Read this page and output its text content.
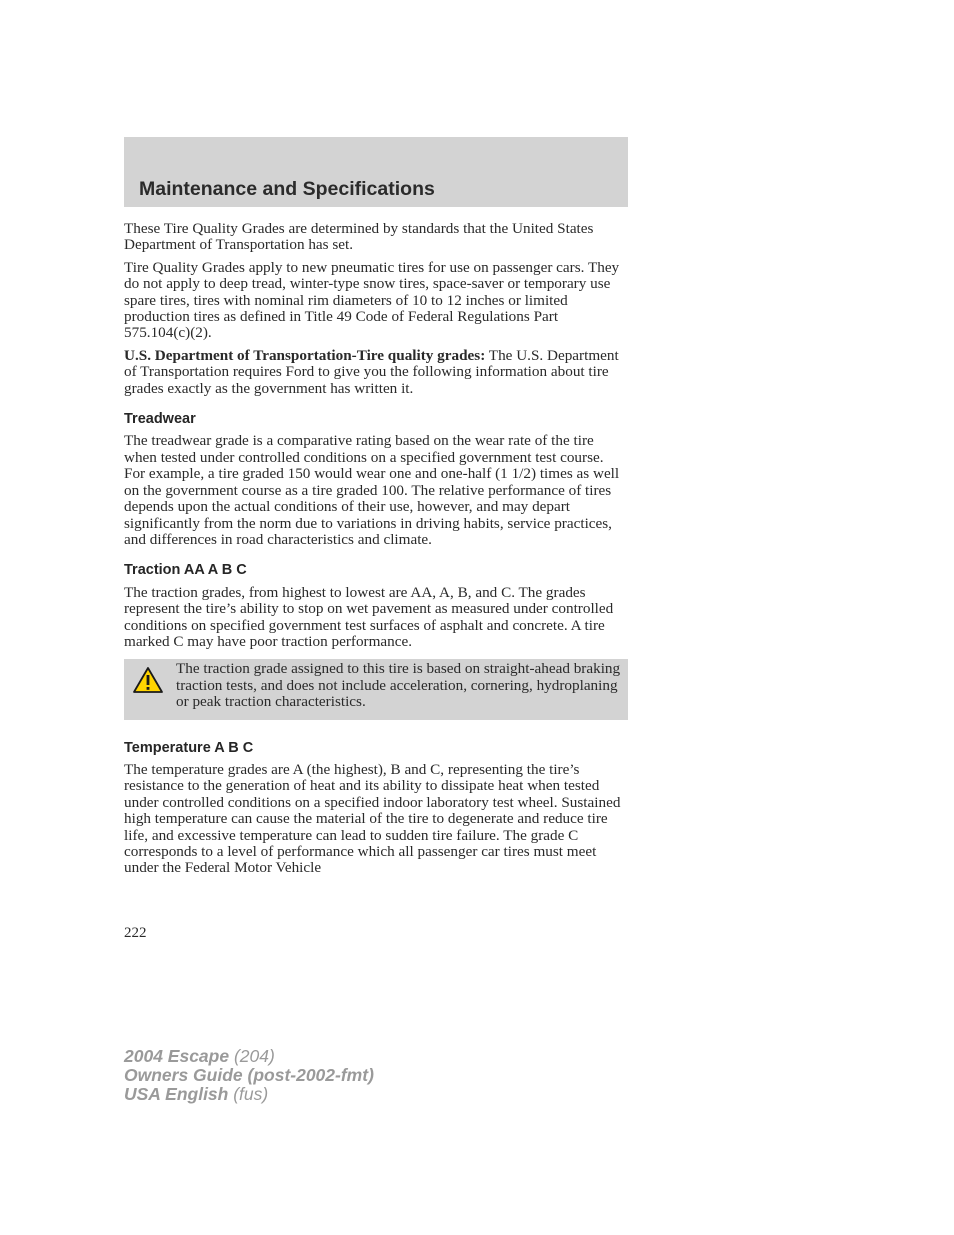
Maintenance and Specifications

These Tire Quality Grades are determined by standards that the United States Department of Transportation has set.

Tire Quality Grades apply to new pneumatic tires for use on passenger cars. They do not apply to deep tread, winter-type snow tires, space-saver or temporary use spare tires, tires with nominal rim diameters of 10 to 12 inches or limited production tires as defined in Title 49 Code of Federal Regulations Part 575.104(c)(2).

U.S. Department of Transportation-Tire quality grades: The U.S. Department of Transportation requires Ford to give you the following information about tire grades exactly as the government has written it.

Treadwear

The treadwear grade is a comparative rating based on the wear rate of the tire when tested under controlled conditions on a specified government test course. For example, a tire graded 150 would wear one and one-half (1 1/2) times as well on the government course as a tire graded 100. The relative performance of tires depends upon the actual conditions of their use, however, and may depart significantly from the norm due to variations in driving habits, service practices, and differences in road characteristics and climate.

Traction AA A B C

The traction grades, from highest to lowest are AA, A, B, and C. The grades represent the tire’s ability to stop on wet pavement as measured under controlled conditions on specified government test surfaces of asphalt and concrete. A tire marked C may have poor traction performance.

The traction grade assigned to this tire is based on straight-ahead braking traction tests, and does not include acceleration, cornering, hydroplaning or peak traction characteristics.
Temperature A B C

The temperature grades are A (the highest), B and C, representing the tire’s resistance to the generation of heat and its ability to dissipate heat when tested under controlled conditions on a specified indoor laboratory test wheel. Sustained high temperature can cause the material of the tire to degenerate and reduce tire life, and excessive temperature can lead to sudden tire failure. The grade C corresponds to a level of performance which all passenger car tires must meet under the Federal Motor Vehicle

222
2004 Escape (204)
Owners Guide (post-2002-fmt)
USA English (fus)
